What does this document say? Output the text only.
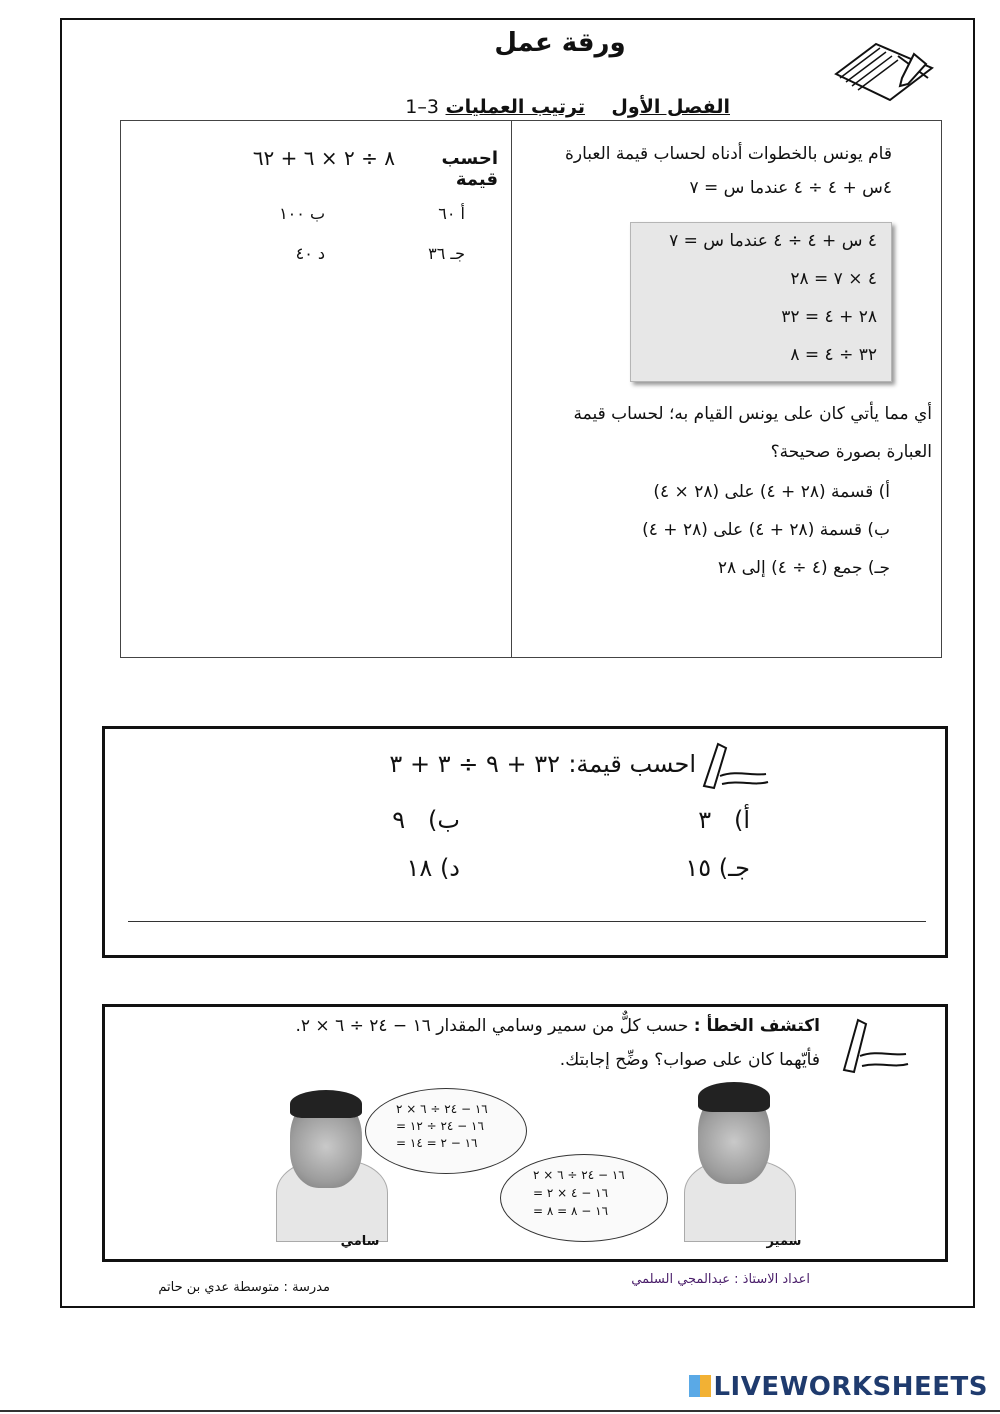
ورقة عمل
الفصل الأول    ترتيب العمليات 3–1
احسب قيمة
٨ ÷ ٢ × ٦ + ٦٢
أ ٦٠
ب ١٠٠
جـ ٣٦
د ٤٠
قام يونس بالخطوات أدناه لحساب قيمة العبارة
٤س + ٤ ÷ ٤ عندما س = ٧
٤ س + ٤ ÷ ٤ عندما س = ٧
٤ × ٧ = ٢٨
٢٨ + ٤ = ٣٢
٣٢ ÷ ٤ = ٨
أي مما يأتي كان على يونس القيام به؛ لحساب قيمة
العبارة بصورة صحيحة؟
أ) قسمة (٢٨ + ٤) على (٢٨ × ٤)
ب) قسمة (٢٨ + ٤) على (٢٨ + ٤)
جـ) جمع (٤ ÷ ٤) إلى ٢٨
احسب قيمة:
٣٢ + ٩ ÷ ٣ + ٣
أ)   ٣
ب)   ٩
جـ) ١٥
د) ١٨
اكتشف الخطأ : حسب كلٌّ من سمير وسامي المقدار ١٦ − ٢٤ ÷ ٦ × ٢.
فأيّهما كان على صواب؟ وضِّح إجابتك.
سامي
١٦ − ٢٤ ÷ ٦ × ٢
= ١٦ − ٢٤ ÷ ١٢
= ١٦ − ٢ = ١٤
سمير
١٦ − ٢٤ ÷ ٦ × ٢
= ١٦ − ٤ × ٢
= ١٦ − ٨ = ٨
اعداد الاستاذ : عبدالمجي السلمي
مدرسة : متوسطة عدي بن حاتم
LIVEWORKSHEETS
